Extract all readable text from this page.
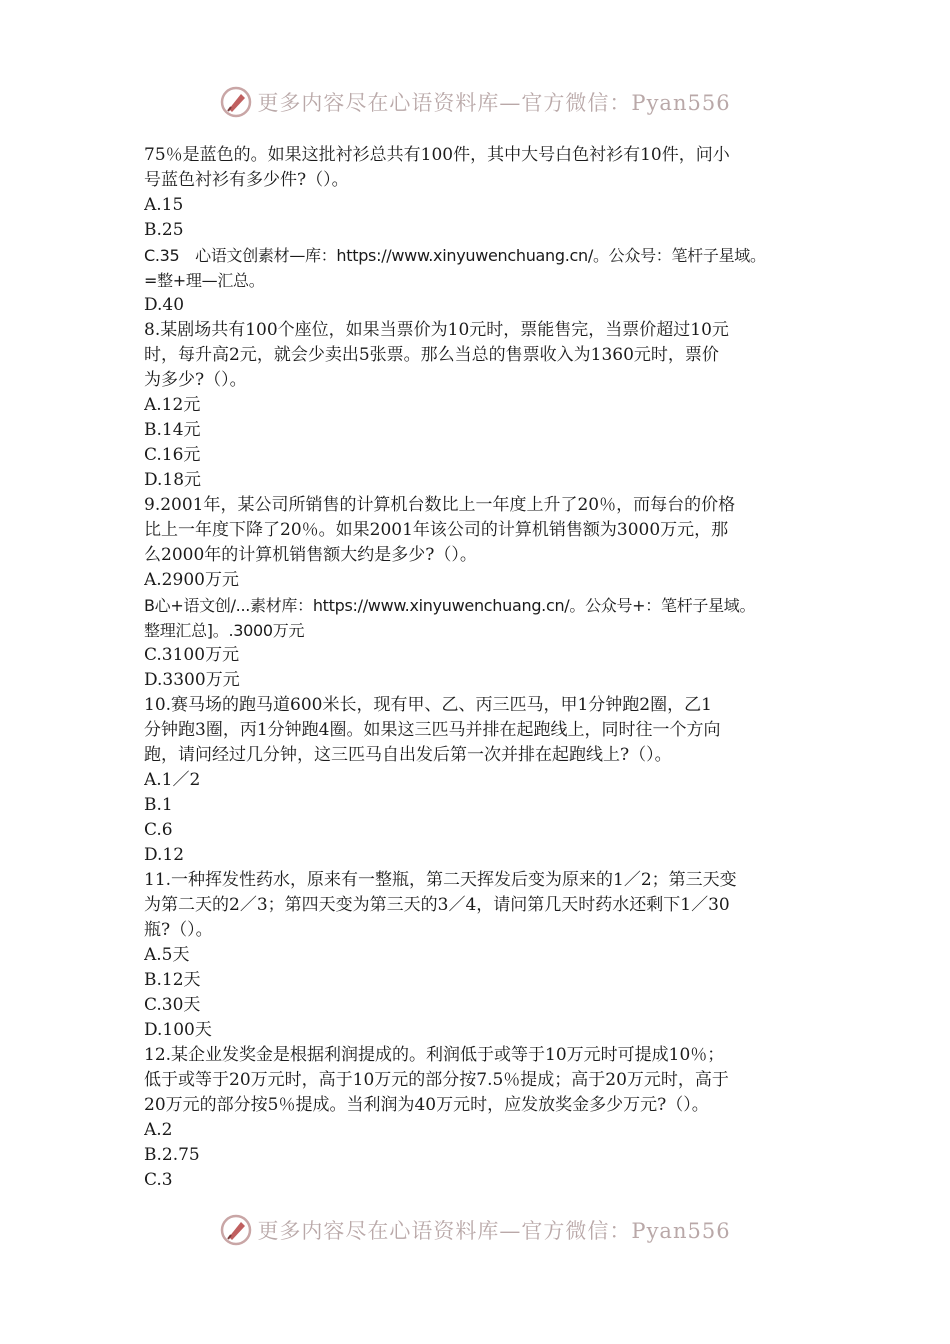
更多内容尽在心语资料库—官方微信：Pyan556
75％是蓝色的。如果这批衬衫总共有100件，其中大号白色衬衫有10件，问小
号蓝色衬衫有多少件?（）。
A.15
B.25
C.35　心语文创素材—库：https://www.xinyuwenchuang.cn/。公众号：笔杆子星域。
=整+理—汇总。
D.40
8.某剧场共有100个座位，如果当票价为10元时，票能售完，当票价超过10元
时，每升高2元，就会少卖出5张票。那么当总的售票收入为1360元时，票价
为多少?（）。
A.12元
B.14元
C.16元
D.18元
9.2001年，某公司所销售的计算机台数比上一年度上升了20％，而每台的价格
比上一年度下降了20％。如果2001年该公司的计算机销售额为3000万元，那
么2000年的计算机销售额大约是多少?（）。
A.2900万元
B心+语文创/...素材库：https://www.xinyuwenchuang.cn/。公众号+：笔杆子星域。
整理汇总]。.3000万元
C.3100万元
D.3300万元
10.赛马场的跑马道600米长，现有甲、乙、丙三匹马，甲1分钟跑2圈，乙1
分钟跑3圈，丙1分钟跑4圈。如果这三匹马并排在起跑线上，同时往一个方向
跑，请问经过几分钟，这三匹马自出发后第一次并排在起跑线上?（）。
A.1／2
B.1
C.6
D.12
11.一种挥发性药水，原来有一整瓶，第二天挥发后变为原来的1／2；第三天变
为第二天的2／3；第四天变为第三天的3／4，请问第几天时药水还剩下1／30
瓶?（）。
A.5天
B.12天
C.30天
D.100天
12.某企业发奖金是根据利润提成的。利润低于或等于10万元时可提成10％；
低于或等于20万元时，高于10万元的部分按7.5％提成；高于20万元时，高于
20万元的部分按5％提成。当利润为40万元时，应发放奖金多少万元?（）。
A.2
B.2.75
C.3
更多内容尽在心语资料库—官方微信：Pyan556
